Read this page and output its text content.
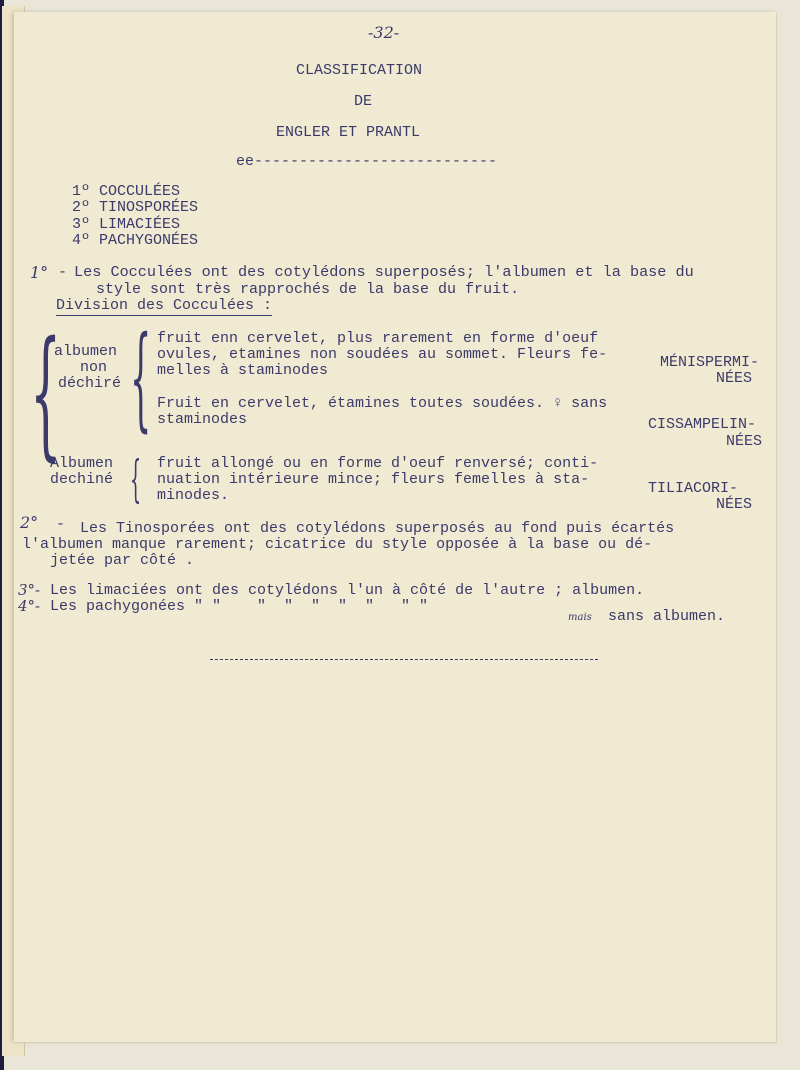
-32-
CLASSIFICATION
DE
ENGLER ET PRANTL
ee---------------------------
1º COCCULÉES
2º TINOSPORÉES
3º LIMACIÉES
4º PACHYGONÉES
1° - Les Cocculées ont des cotylédons superposés; l'albumen et la base du
style sont très rapprochés de la base du fruit.
Division des Cocculées :
{
albumen
non
déchiré { fruit enn cervelet, plus rarement en forme d'oeuf
ovules, etamines non soudées au sommet. Fleurs fe-
melles à staminodes	MÉNISPERMI-
NÉES
Fruit en cervelet, étamines toutes soudées. ♀ sans
staminodes	CISSAMPELIN-
NÉES
Albumen
dechiné { fruit allongé ou en forme d'oeuf renversé; conti-
nuation intérieure mince; fleurs femelles à sta-
minodes.	TILIACORI-
NÉES
2° - Les Tinosporées ont des cotylédons superposés au fond puis écartés
l'albumen manque rarement; cicatrice du style opposée à la base ou dé-
jetée par côté .
3°- Les limaciées ont des cotylédons l'un à côté de l'autre ; albumen.
4°- Les pachygonées " "    "  "  "  "  "   " "
mais sans albumen.
